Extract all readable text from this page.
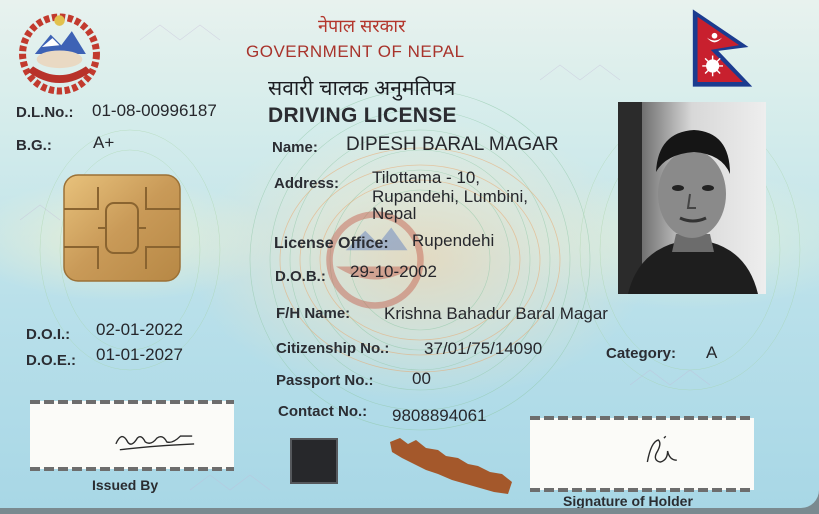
नेपाल सरकार
GOVERNMENT OF NEPAL
सवारी चालक अनुमतिपत्र
DRIVING LICENSE
D.L.No.: 01-08-00996187
B.G.: A+
D.O.I.: 02-01-2022
D.O.E.: 01-01-2027
Issued By
Name: DIPESH BARAL MAGAR
Address: Tilottama - 10,
Rupandehi, Lumbini,
Nepal
License Office: Rupendehi
D.O.B.: 29-10-2002
F/H Name: Krishna Bahadur Baral Magar
Citizenship No.: 37/01/75/14090	Category: A
Passport No.: 00
Contact No.: 9808894061
Signature of Holder
